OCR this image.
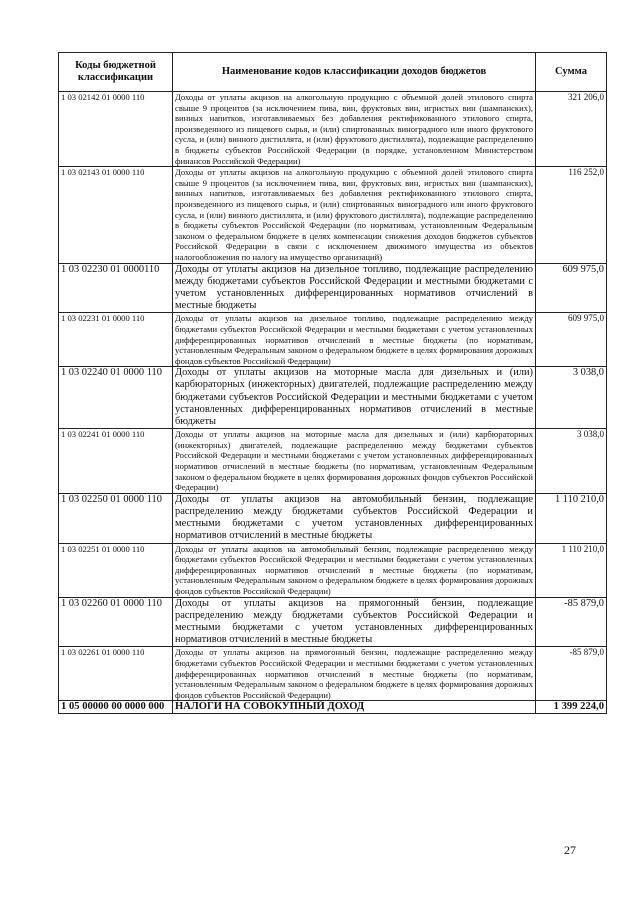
Коды бюджетной классификации	Наименование кодов классификации доходов бюджетов	Сумма
1 03 02142 01 0000 110	Доходы от уплаты акцизов на алкогольную продукцию с объемной долей этилового спирта свыше 9 процентов (за исключением пива, вин, фруктовых вин, игристых вин (шампанских), винных напитков, изготавливаемых без добавления ректификованного этилового спирта, произведенного из пищевого сырья, и (или) спиртованных виноградного или иного фруктового сусла, и (или) винного дистиллята, и (или) фруктового дистиллята), подлежащие распределению в бюджеты субъектов Российской Федерации (в порядке, установленном Министерством финансов Российской Федерации)	321 206,0
1 03 02143 01 0000 110	Доходы от уплаты акцизов на алкогольную продукцию с объемной долей этилового спирта свыше 9 процентов (за исключением пива, вин, фруктовых вин, игристых вин (шампанских), винных напитков, изготавливаемых без добавления ректификованного этилового спирта, произведенного из пищевого сырья, и (или) спиртованных виноградного или иного фруктового сусла, и (или) винного дистиллята, и (или) фруктового дистиллята), подлежащие распределению в бюджеты субъектов Российской Федерации (по нормативам, установленным Федеральным законом о федеральном бюджете в целях компенсации снижения доходов бюджетов субъектов Российской Федерации в связи с исключением движимого имущества из объектов налогообложения по налогу на имущество организаций)	116 252,0
1 03 02230 01 0000110	Доходы от уплаты акцизов на дизельное топливо, подлежащие распределению между бюджетами субъектов Российской Федерации и местными бюджетами с учетом установленных дифференцированных нормативов отчислений в местные бюджеты	609 975,0
1 03 02231 01 0000 110	Доходы от уплаты акцизов на дизельное топливо, подлежащие распределению между бюджетами субъектов Российской Федерации и местными бюджетами с учетом установленных дифференцированных нормативов отчислений в местные бюджеты (по нормативам, установленным Федеральным законом о федеральном бюджете в целях формирования дорожных фондов субъектов Российской Федерации)	609 975,0
1 03 02240 01 0000 110	Доходы от уплаты акцизов на моторные масла для дизельных и (или) карбюраторных (инжекторных) двигателей, подлежащие распределению между бюджетами субъектов Российской Федерации и местными бюджетами с учетом установленных дифференцированных нормативов отчислений в местные бюджеты	3 038,0
1 03 02241 01 0000 110	Доходы от уплаты акцизов на моторные масла для дизельных и (или) карбюраторных (инжекторных) двигателей, подлежащие распределению между бюджетами субъектов Российской Федерации и местными бюджетами с учетом установленных дифференцированных нормативов отчислений в местные бюджеты (по нормативам, установленным Федеральным законом о федеральном бюджете в целях формирования дорожных фондов субъектов Российской Федерации)	3 038,0
1 03 02250 01 0000 110	Доходы от уплаты акцизов на автомобильный бензин, подлежащие распределению между бюджетами субъектов Российской Федерации и местными бюджетами с учетом установленных дифференцированных нормативов отчислений в местные бюджеты	1 110 210,0
1 03 02251 01 0000 110	Доходы от уплаты акцизов на автомобильный бензин, подлежащие распределению между бюджетами субъектов Российской Федерации и местными бюджетами с учетом установленных дифференцированных нормативов отчислений в местные бюджеты (по нормативам, установленным Федеральным законом о федеральном бюджете в целях формирования дорожных фондов субъектов Российской Федерации)	1 110 210,0
1 03 02260 01 0000 110	Доходы от уплаты акцизов на прямогонный бензин, подлежащие распределению между бюджетами субъектов Российской Федерации и местными бюджетами с учетом установленных дифференцированных нормативов отчислений в местные бюджеты	-85 879,0
1 03 02261 01 0000 110	Доходы от уплаты акцизов на прямогонный бензин, подлежащие распределению между бюджетами субъектов Российской Федерации и местными бюджетами с учетом установленных дифференцированных нормативов отчислений в местные бюджеты (по нормативам, установленным Федеральным законом о федеральном бюджете в целях формирования дорожных фондов субъектов Российской Федерации)	-85 879,0
1 05 00000 00 0000 000	НАЛОГИ НА СОВОКУПНЫЙ ДОХОД	1 399 224,0
27
